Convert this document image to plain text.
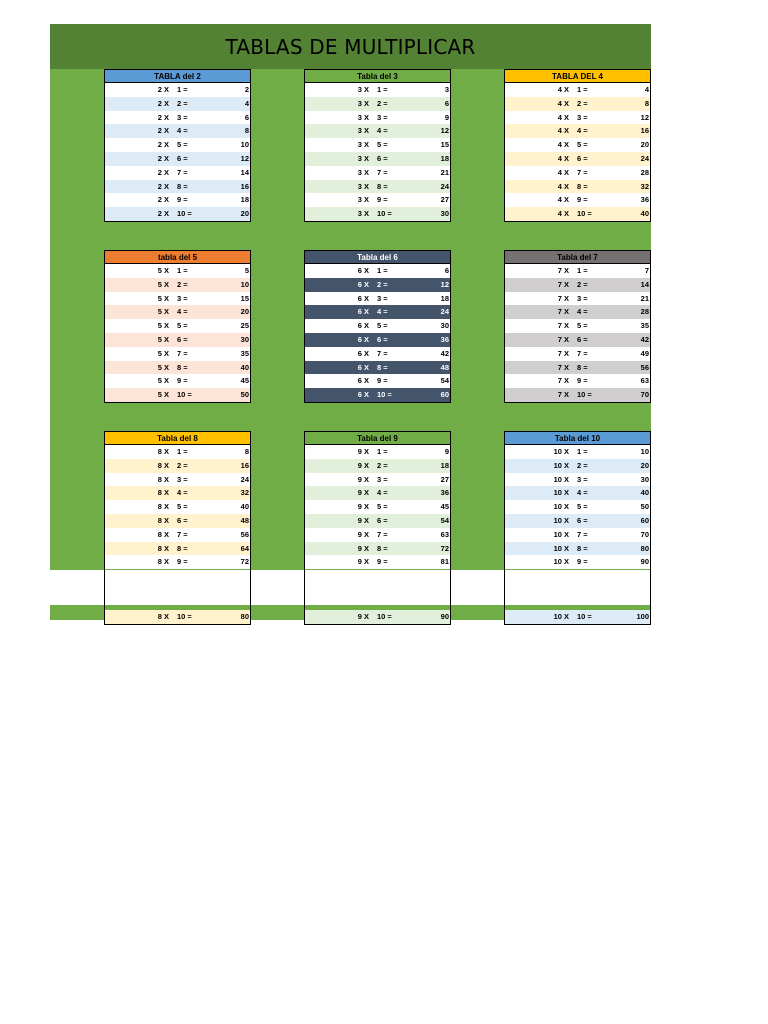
TABLAS DE MULTIPLICAR
TABLA del 2
2 X 1 =	2
2 X 2 =	4
2 X 3 =	6
2 X 4 =	8
2 X 5 =	10
2 X 6 =	12
2 X 7 =	14
2 X 8 =	16
2 X 9 =	18
2 X 10 =	20
Tabla del 3
3 X 1 =	3
3 X 2 =	6
3 X 3 =	9
3 X 4 =	12
3 X 5 =	15
3 X 6 =	18
3 X 7 =	21
3 X 8 =	24
3 X 9 =	27
3 X 10 =	30
TABLA DEL 4
4 X 1 =	4
4 X 2 =	8
4 X 3 =	12
4 X 4 =	16
4 X 5 =	20
4 X 6 =	24
4 X 7 =	28
4 X 8 =	32
4 X 9 =	36
4 X 10 =	40
tabla del 5
5 X 1 =	5
5 X 2 =	10
5 X 3 =	15
5 X 4 =	20
5 X 5 =	25
5 X 6 =	30
5 X 7 =	35
5 X 8 =	40
5 X 9 =	45
5 X 10 =	50
Tabla del 6
6 X 1 =	6
6 X 2 =	12
6 X 3 =	18
6 X 4 =	24
6 X 5 =	30
6 X 6 =	36
6 X 7 =	42
6 X 8 =	48
6 X 9 =	54
6 X 10 =	60
Tabla del 7
7 X 1 =	7
7 X 2 =	14
7 X 3 =	21
7 X 4 =	28
7 X 5 =	35
7 X 6 =	42
7 X 7 =	49
7 X 8 =	56
7 X 9 =	63
7 X 10 =	70
Tabla del 8
8 X 1 =	8
8 X 2 =	16
8 X 3 =	24
8 X 4 =	32
8 X 5 =	40
8 X 6 =	48
8 X 7 =	56
8 X 8 =	64
8 X 9 =	72
8 X 10 =	80
Tabla del 9
9 X 1 =	9
9 X 2 =	18
9 X 3 =	27
9 X 4 =	36
9 X 5 =	45
9 X 6 =	54
9 X 7 =	63
9 X 8 =	72
9 X 9 =	81
9 X 10 =	90
Tabla del 10
10 X 1 =	10
10 X 2 =	20
10 X 3 =	30
10 X 4 =	40
10 X 5 =	50
10 X 6 =	60
10 X 7 =	70
10 X 8 =	80
10 X 9 =	90
10 X 10 =	100
